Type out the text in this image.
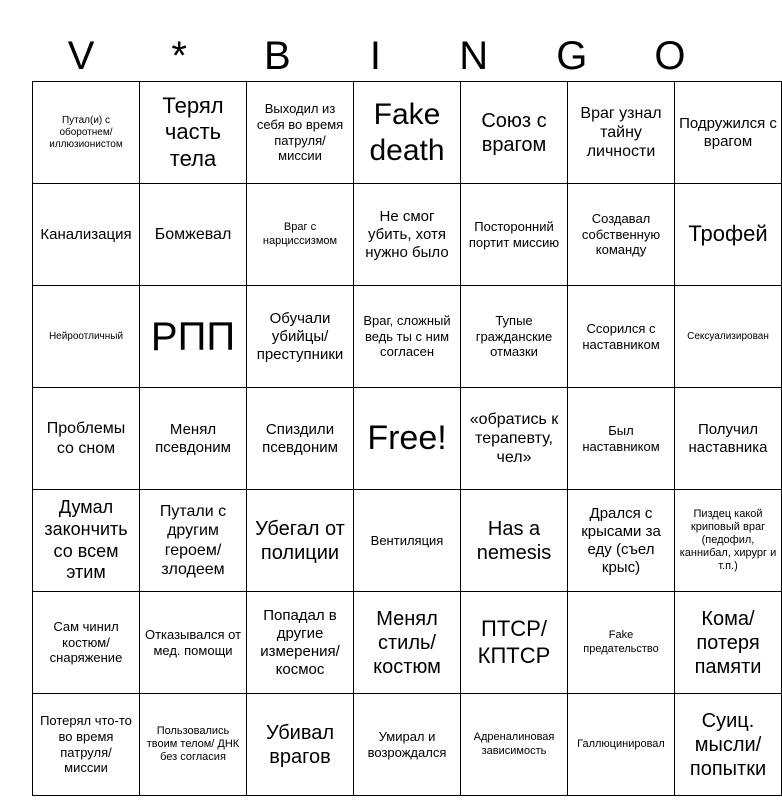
V	*	B	I	N	G	O
Путал(и) с оборотнем/ иллюзионистом	Терял часть тела	Выходил из себя во время патруля/ миссии	Fake death	Союз с врагом	Враг узнал тайну личности	Подружился с врагом
Канализация	Бомжевал	Враг с нарциссизмом	Не смог убить, хотя нужно было	Посторонний портит миссию	Создавал собственную команду	Трофей
Нейроотличный	РПП	Обучали убийцы/ преступники	Враг, сложный ведь ты с ним согласен	Тупые гражданские отмазки	Ссорился с наставником	Сексуализирован
Проблемы со сном	Менял псевдоним	Спиздили псевдоним	Free!	«обратись к терапевту, чел»	Был наставником	Получил наставника
Думал закончить со всем этим	Путали с другим героем/ злодеем	Убегал от полиции	Вентиляция	Has a nemesis	Дрался с крысами за еду (съел крыс)	Пиздец какой криповый враг (педофил, каннибал, хирург и т.п.)
Сам чинил костюм/ снаряжение	Отказывался от мед. помощи	Попадал в другие измерения/ космос	Менял стиль/ костюм	ПТСР/ КПТСР	Fake предательство	Кома/ потеря памяти
Потерял что-то во время патруля/ миссии	Пользовались твоим телом/ ДНК без согласия	Убивал врагов	Умирал и возрождался	Адреналиновая зависимость	Галлюцинировал	Суиц. мысли/ попытки
